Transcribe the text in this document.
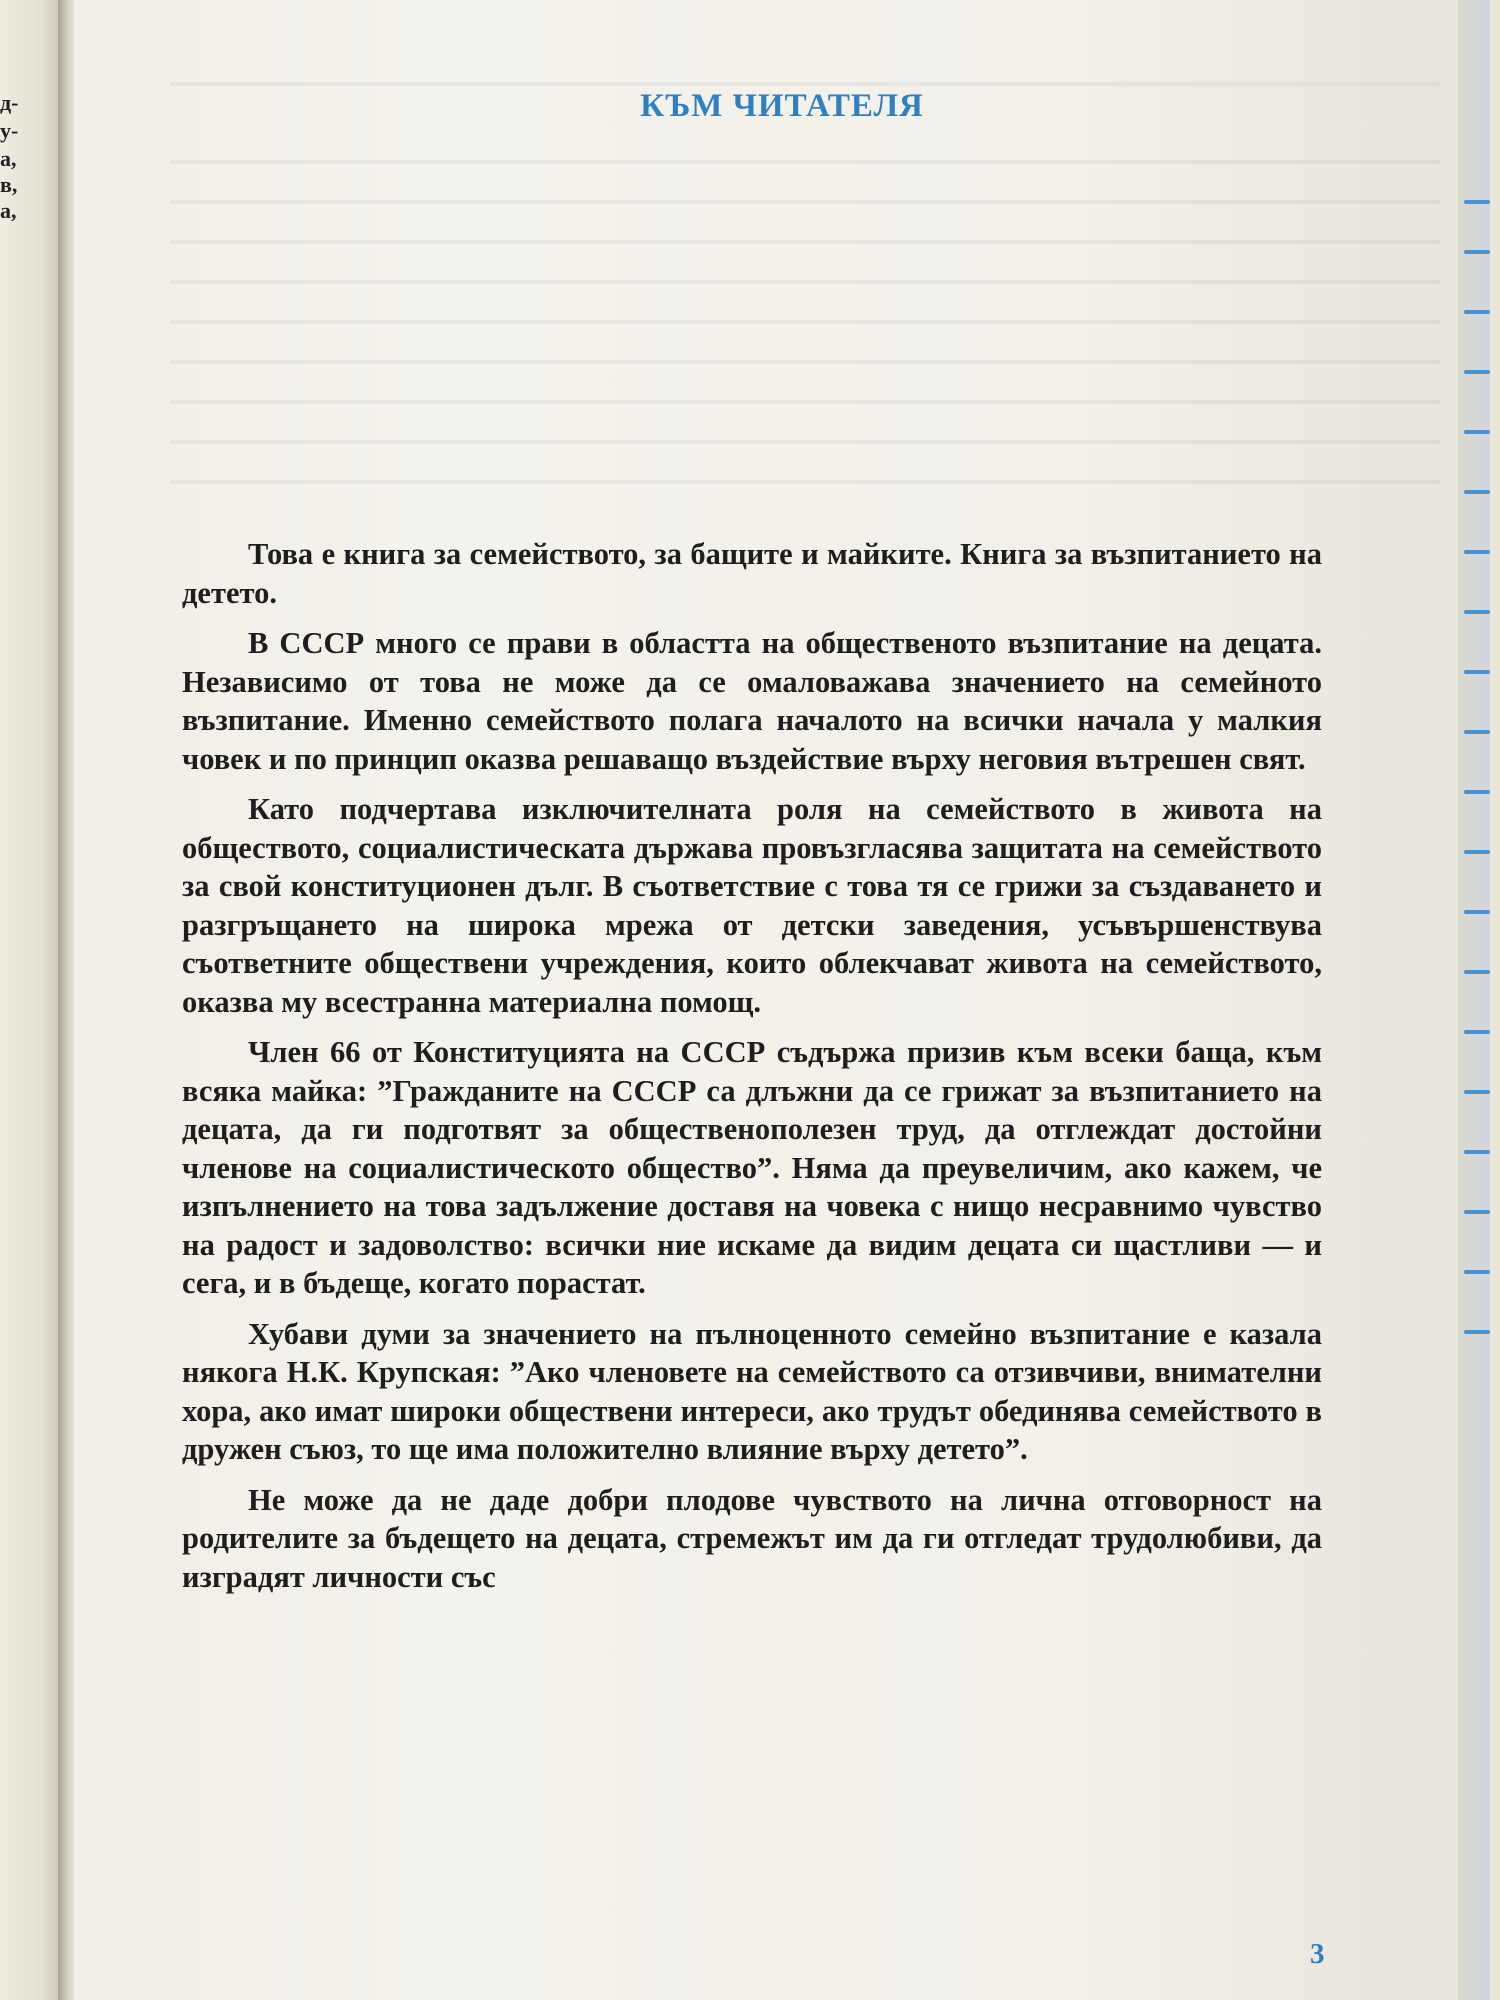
д-
у-
а,
в,
а,
КЪМ ЧИТАТЕЛЯ

Това е книга за семейството, за бащите и майките. Книга за възпитанието на детето.

В СССР много се прави в областта на общественото възпитание на децата. Независимо от това не може да се омаловажава значението на семейното възпитание. Именно семейството полага началото на всички начала у малкия човек и по принцип оказва решаващо въздействие върху неговия вътрешен свят.

Като подчертава изключителната роля на семейството в живота на обществото, социалистическата държава провъзгласява защитата на семейството за свой конституционен дълг. В съответствие с това тя се грижи за създаването и разгръщането на широка мрежа от детски заведения, усъвършенствува съответните обществени учреждения, които облекчават живота на семейството, оказва му всестранна материална помощ.

Член 66 от Конституцията на СССР съдържа призив към всеки баща, към всяка майка: ”Гражданите на СССР са длъжни да се грижат за възпитанието на децата, да ги подготвят за общественополезен труд, да отглеждат достойни членове на социалистическото общество”. Няма да преувеличим, ако кажем, че изпълнението на това задължение доставя на човека с нищо несравнимо чувство на радост и задоволство: всички ние искаме да видим децата си щастливи — и сега, и в бъдеще, когато порастат.

Хубави думи за значението на пълноценното семейно възпитание е казала някога Н.К. Крупская: ”Ако членовете на семейството са отзивчиви, внимателни хора, ако имат широки обществени интереси, ако трудът обединява семейството в дружен съюз, то ще има положително влияние върху детето”.

Не може да не даде добри плодове чувството на лична отговорност на родителите за бъдещето на децата, стремежът им да ги отгледат трудолюбиви, да изградят личности със

3
